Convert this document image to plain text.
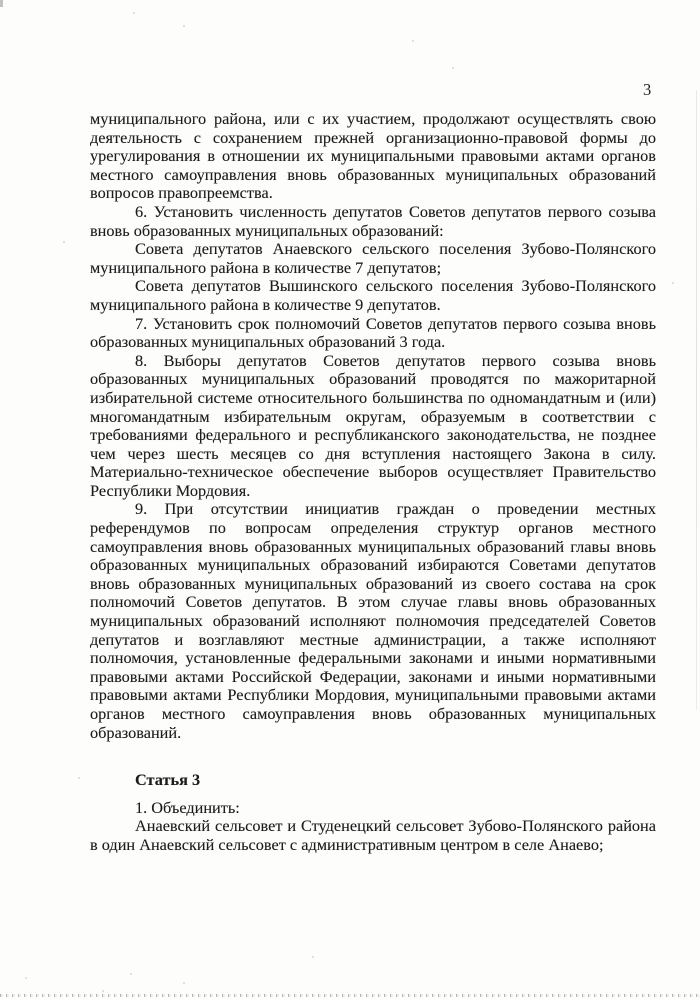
3

муниципального района, или с их участием, продолжают осуществлять свою деятельность с сохранением прежней организационно-правовой формы до урегулирования в отношении их муниципальными правовыми актами органов местного самоуправления вновь образованных муниципальных образований вопросов правопреемства.

6. Установить численность депутатов Советов депутатов первого созыва вновь образованных муниципальных образований:

Совета депутатов Анаевского сельского поселения Зубово-Полянского муниципального района в количестве 7 депутатов;

Совета депутатов Вышинского сельского поселения Зубово-Полянского муниципального района в количестве 9 депутатов.

7. Установить срок полномочий Советов депутатов первого созыва вновь образованных муниципальных образований 3 года.

8. Выборы депутатов Советов депутатов первого созыва вновь образованных муниципальных образований проводятся по мажоритарной избирательной системе относительного большинства по одномандатным и (или) многомандатным избирательным округам, образуемым в соответствии с требованиями федерального и республиканского законодательства, не позднее чем через шесть месяцев со дня вступления настоящего Закона в силу. Материально-техническое обеспечение выборов осуществляет Правительство Республики Мордовия.

9. При отсутствии инициатив граждан о проведении местных референдумов по вопросам определения структур органов местного самоуправления вновь образованных муниципальных образований главы вновь образованных муниципальных образований избираются Советами депутатов вновь образованных муниципальных образований из своего состава на срок полномочий Советов депутатов. В этом случае главы вновь образованных муниципальных образований исполняют полномочия председателей Советов депутатов и возглавляют местные администрации, а также исполняют полномочия, установленные федеральными законами и иными нормативными правовыми актами Российской Федерации, законами и иными нормативными правовыми актами Республики Мордовия, муниципальными правовыми актами органов местного самоуправления вновь образованных муниципальных образований.

Статья 3

1. Объединить:

Анаевский сельсовет и Студенецкий сельсовет Зубово-Полянского района в один Анаевский сельсовет с административным центром в селе Анаево;
